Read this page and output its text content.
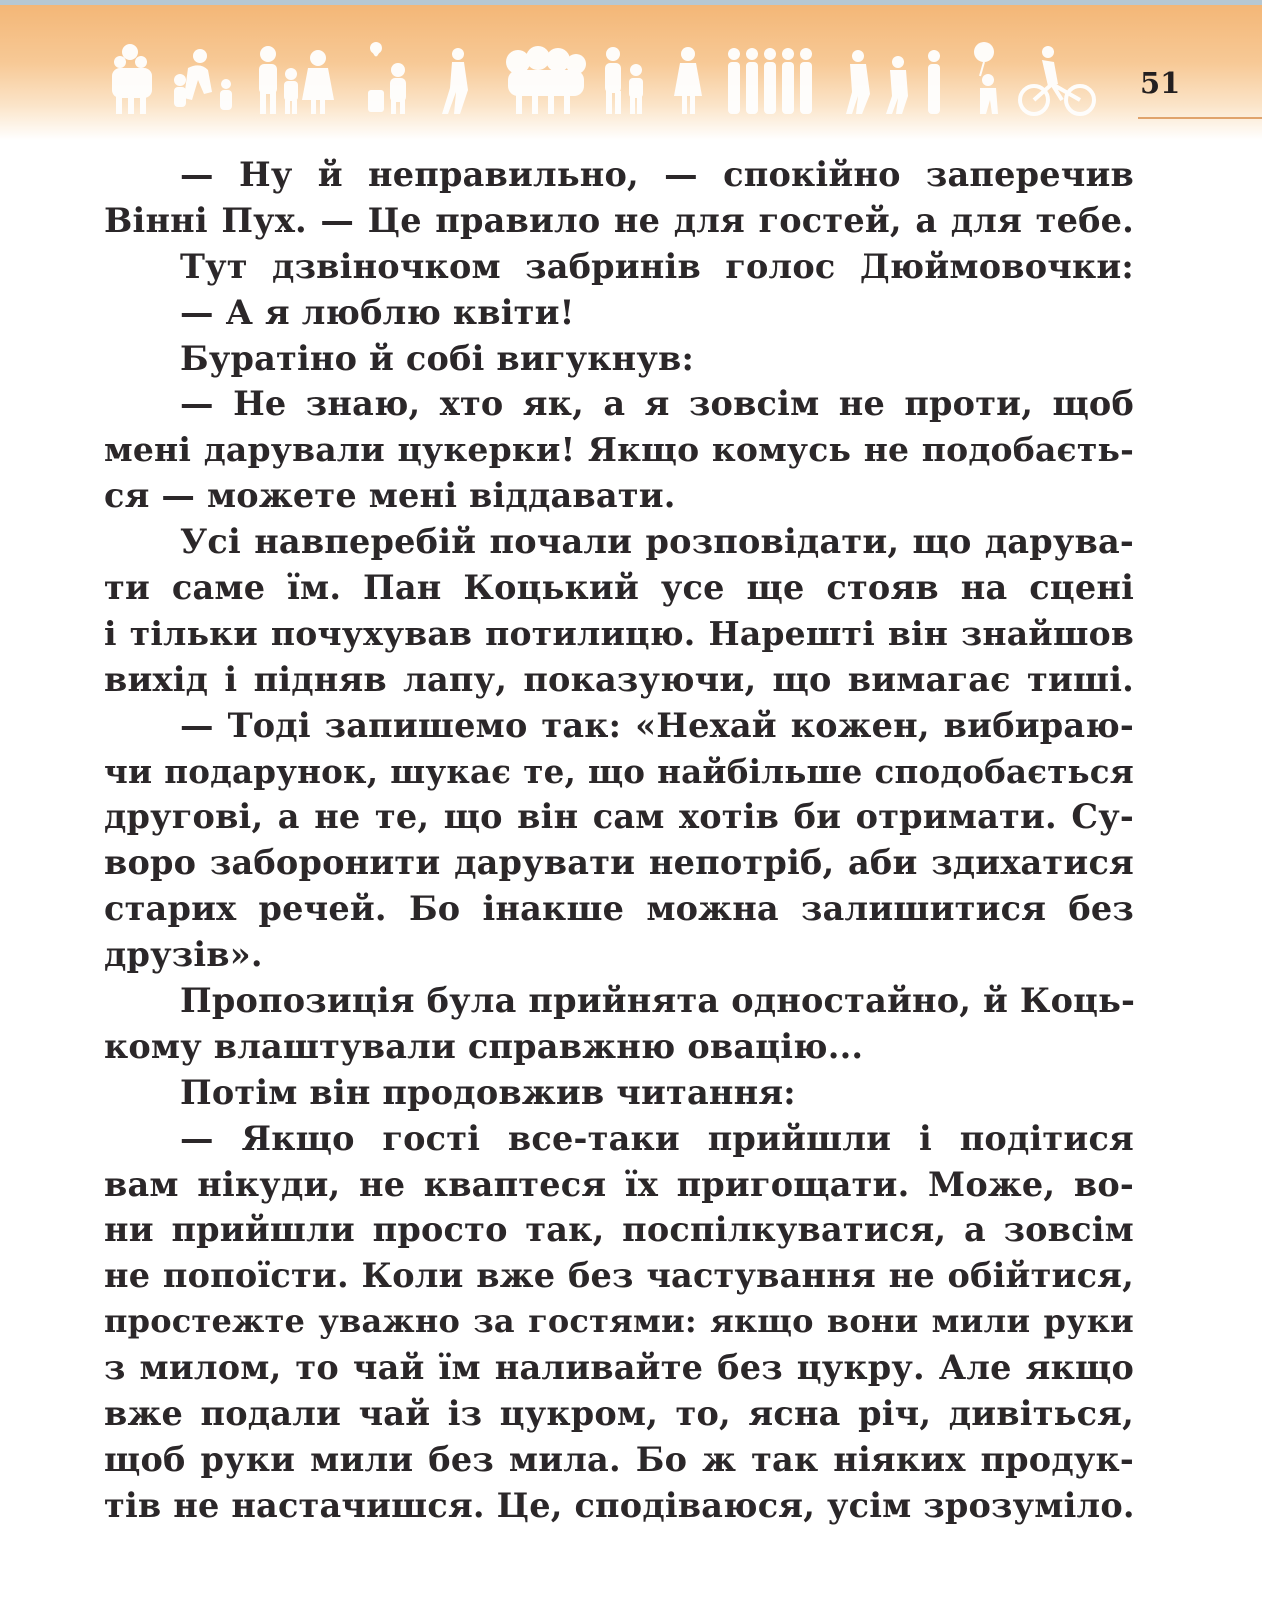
51
— Ну й неправильно, — спокійно заперечив
Вінні Пух. — Це правило не для гостей, а для тебе.
Тут дзвіночком забринів голос Дюймовочки:
— А я люблю квіти!
Буратіно й собі вигукнув:
— Не знаю, хто як, а я зовсім не проти, щоб
мені дарували цукерки! Якщо комусь не подобаєть-
ся — можете мені віддавати.
Усі навперебій почали розповідати, що дарува-
ти саме їм. Пан Коцький усе ще стояв на сцені
і тільки почухував потилицю. Нарешті він знайшов
вихід і підняв лапу, показуючи, що вимагає тиші.
— Тоді запишемо так: «Нехай кожен, вибираю-
чи подарунок, шукає те, що найбільше сподобається
другові, а не те, що він сам хотів би отримати. Су-
воро заборонити дарувати непотріб, аби здихатися
старих речей. Бо інакше можна залишитися без
друзів».
Пропозиція була прийнята одностайно, й Коць-
кому влаштували справжню овацію...
Потім він продовжив читання:
— Якщо гості все-таки прийшли і подітися
вам нікуди, не кваптеся їх пригощати. Може, во-
ни прийшли просто так, поспілкуватися, а зовсім
не попоїсти. Коли вже без частування не обійтися,
простежте уважно за гостями: якщо вони мили руки
з милом, то чай їм наливайте без цукру. Але якщо
вже подали чай із цукром, то, ясна річ, дивіться,
щоб руки мили без мила. Бо ж так ніяких продук-
тів не настачишся. Це, сподіваюся, усім зрозуміло.
